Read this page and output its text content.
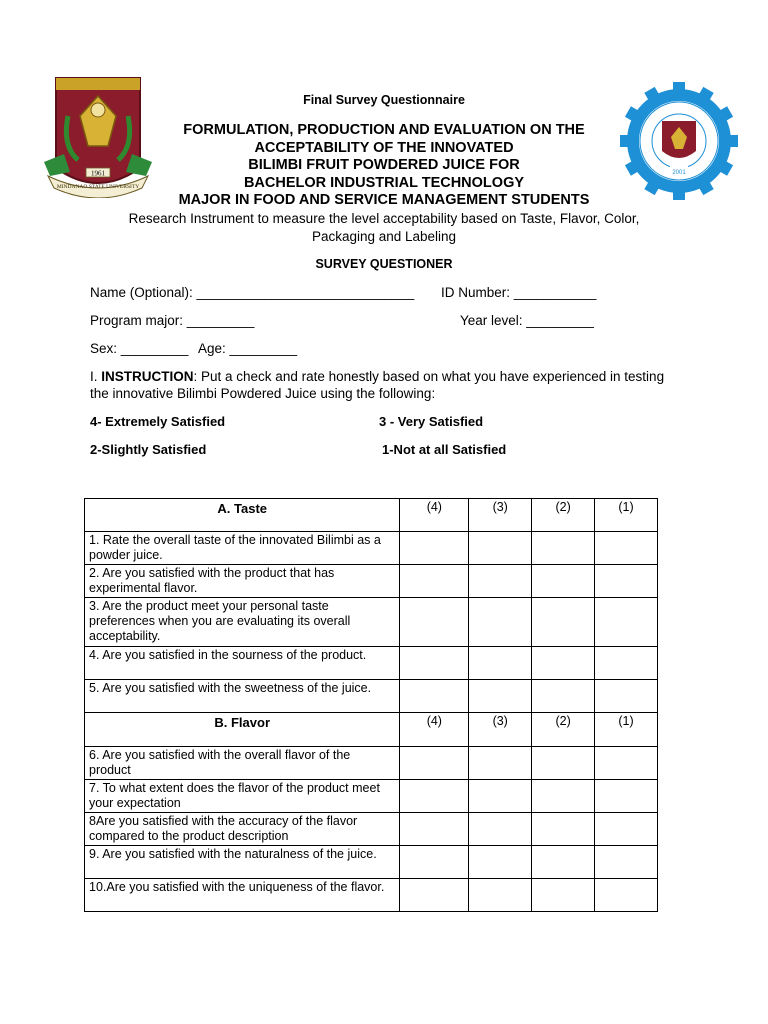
1961
MINDANAO STATE UNIVERSITY
2001
Final Survey Questionnaire
FORMULATION, PRODUCTION AND EVALUATION ON THE
ACCEPTABILITY OF THE INNOVATED
BILIMBI FRUIT POWDERED JUICE FOR
BACHELOR INDUSTRIAL TECHNOLOGY
MAJOR IN FOOD AND SERVICE MANAGEMENT STUDENTS
Research Instrument to measure the level acceptability based on Taste, Flavor, Color,
Packaging and Labeling
SURVEY QUESTIONER
Name (Optional): _____________________________ ID Number: ___________
Program major: _________	Year level: _________
Sex: _________ Age: _________
I. INSTRUCTION: Put a check and rate honestly based on what you have experienced in testing
the innovative Bilimbi Powdered Juice using the following:
4- Extremely Satisfied	3 - Very Satisfied
2-Slightly Satisfied	1-Not at all Satisfied
A. Taste	(4)	(3)	(2)	(1)
1. Rate the overall taste of the innovated Bilimbi as a powder juice.				
2. Are you satisfied with the product that has experimental flavor.				
3. Are the product meet your personal taste preferences when you are evaluating its overall acceptability.				
4. Are you satisfied in the sourness of the product.				
5. Are you satisfied with the sweetness of the juice.				
B. Flavor	(4)	(3)	(2)	(1)
6. Are you satisfied with the overall flavor of the product				
7. To what extent does the flavor of the product meet your expectation				
8Are you satisfied with the accuracy of the flavor compared to the product description				
9. Are you satisfied with the naturalness of the juice.				
10.Are you satisfied with the uniqueness of the flavor.				
